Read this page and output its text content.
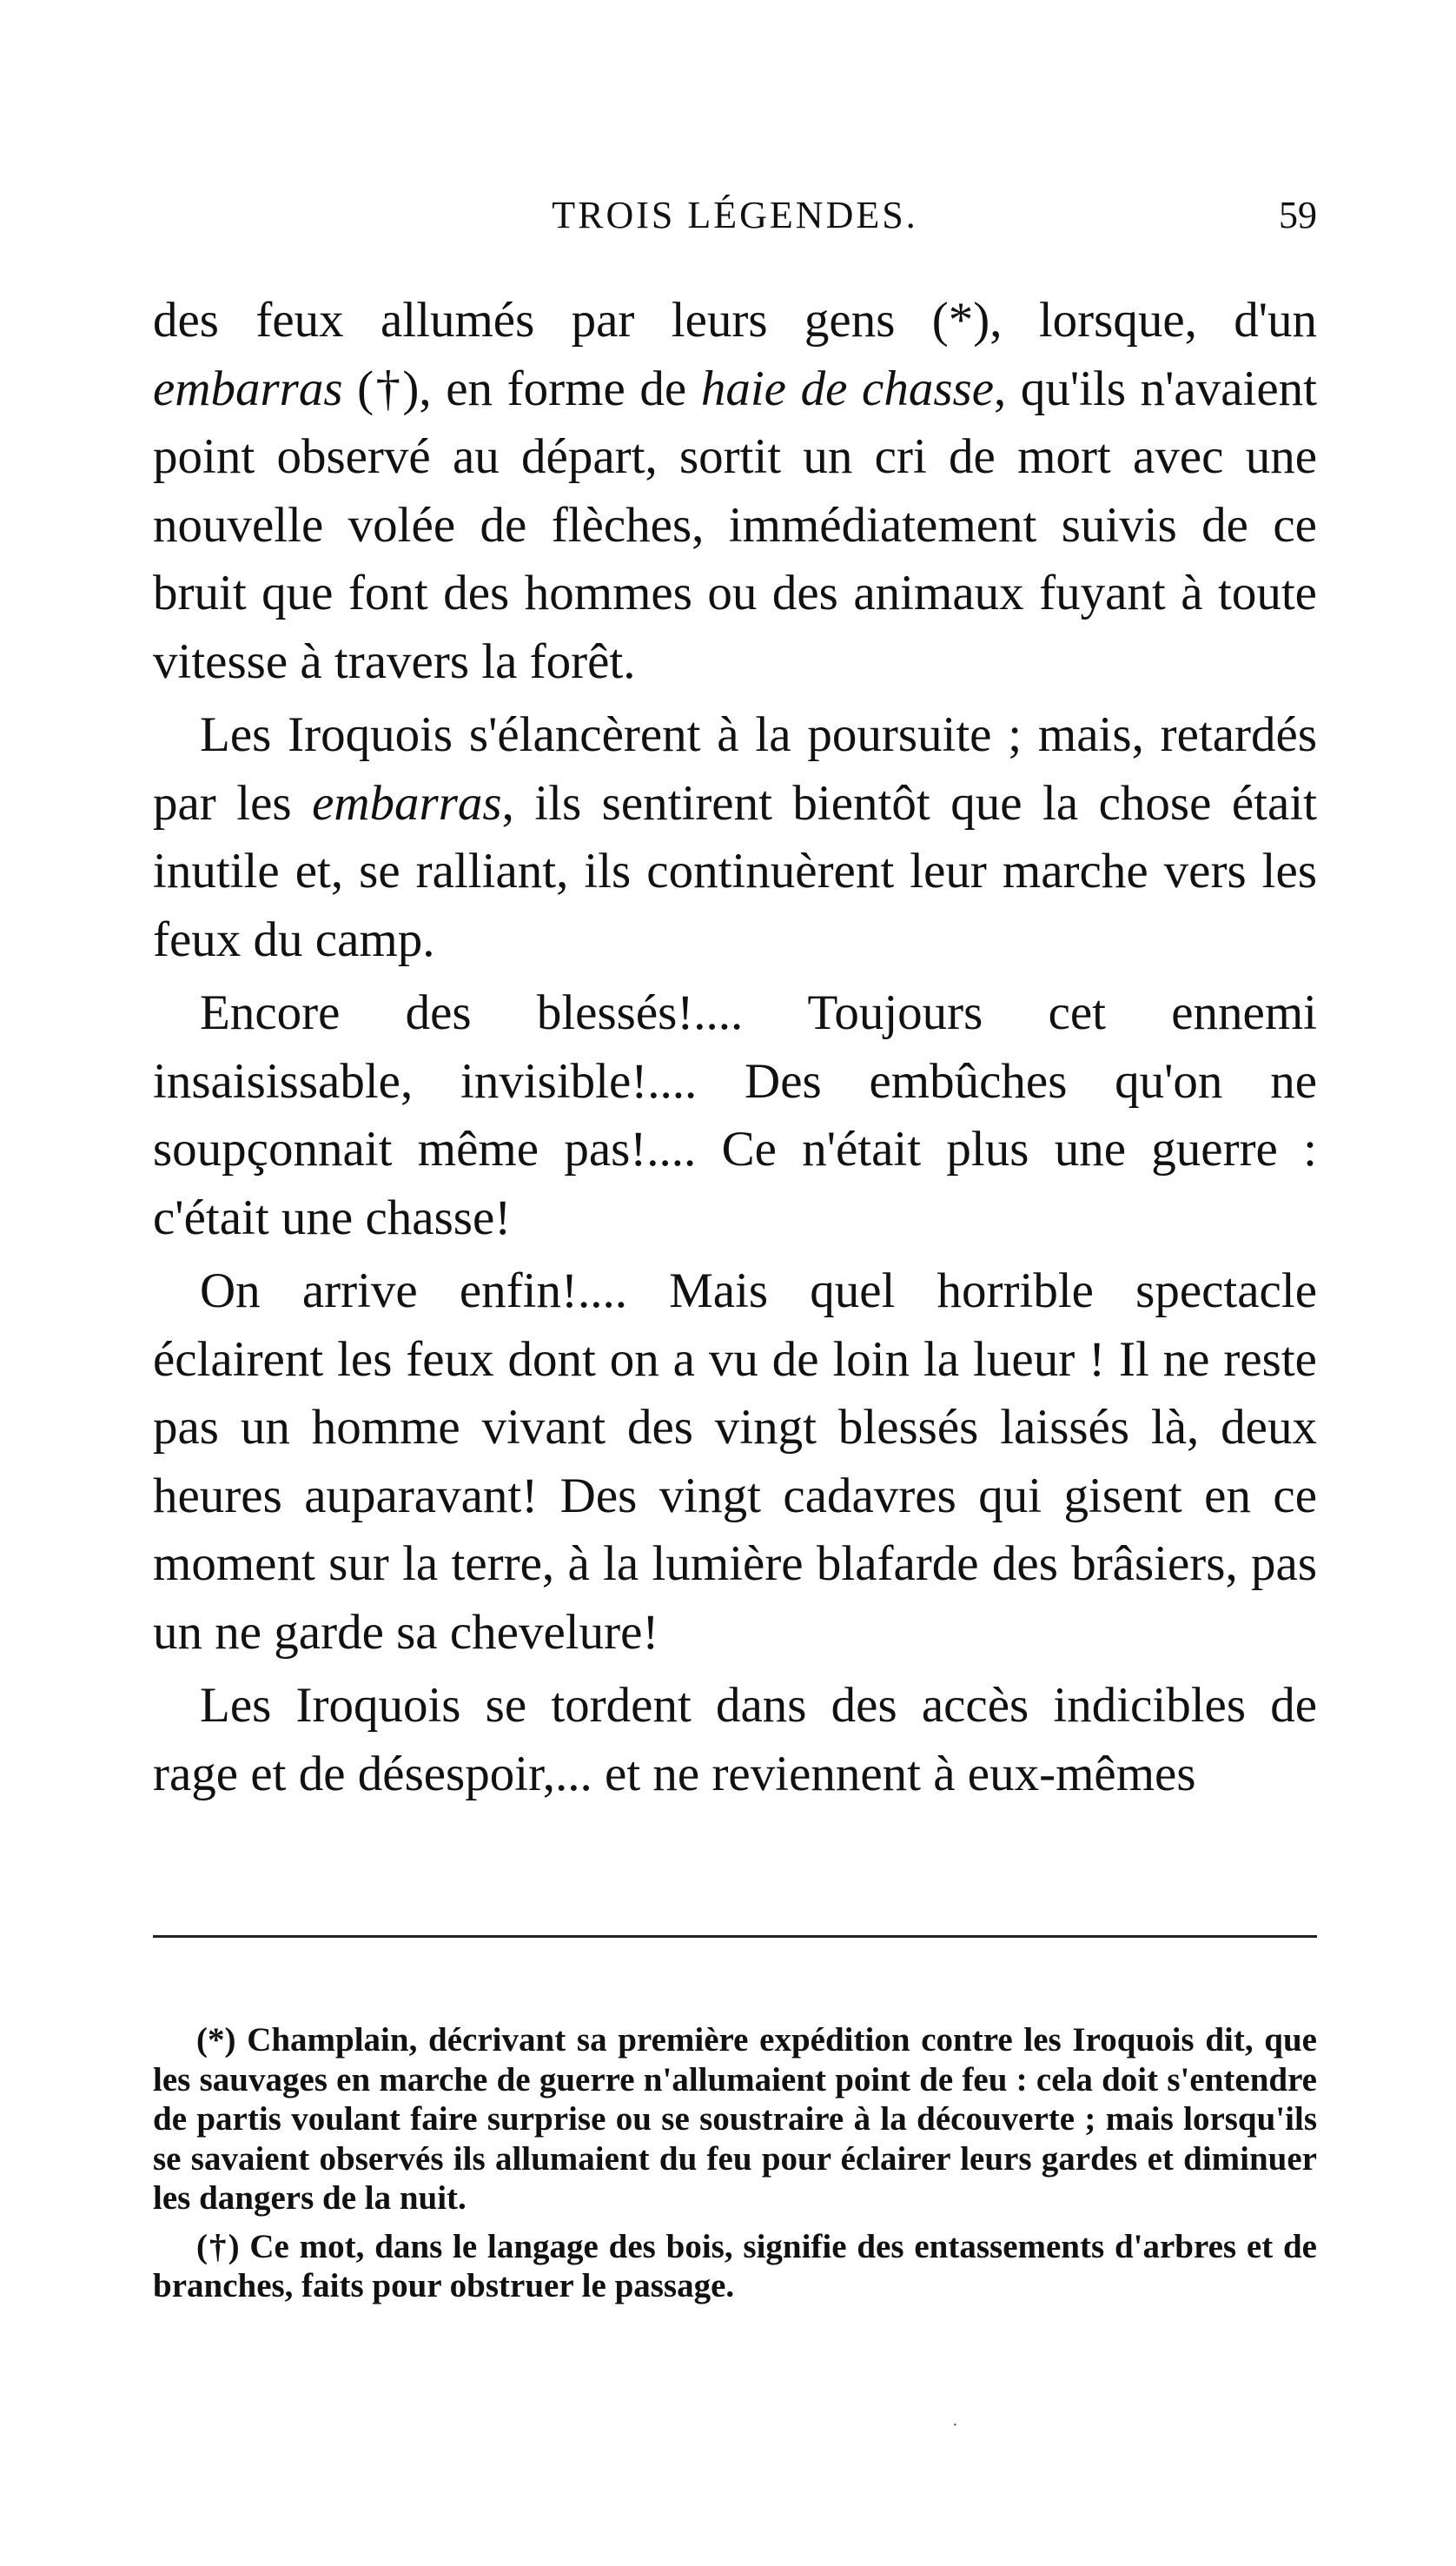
TROIS LÉGENDES.	59

des feux allumés par leurs gens (*), lorsque, d'un embarras (†), en forme de haie de chasse, qu'ils n'avaient point observé au départ, sortit un cri de mort avec une nouvelle volée de flèches, immédiatement suivis de ce bruit que font des hommes ou des animaux fuyant à toute vitesse à travers la forêt.

Les Iroquois s'élancèrent à la poursuite ; mais, retardés par les embarras, ils sentirent bientôt que la chose était inutile et, se ralliant, ils continuèrent leur marche vers les feux du camp.

Encore des blessés!.... Toujours cet ennemi insaisissable, invisible!.... Des embûches qu'on ne soupçonnait même pas!.... Ce n'était plus une guerre : c'était une chasse!

On arrive enfin!.... Mais quel horrible spectacle éclairent les feux dont on a vu de loin la lueur ! Il ne reste pas un homme vivant des vingt blessés laissés là, deux heures auparavant! Des vingt cadavres qui gisent en ce moment sur la terre, à la lumière blafarde des brâsiers, pas un ne garde sa chevelure!

Les Iroquois se tordent dans des accès indicibles de rage et de désespoir,... et ne reviennent à eux-mêmes

(*) Champlain, décrivant sa première expédition contre les Iroquois dit, que les sauvages en marche de guerre n'allumaient point de feu : cela doit s'entendre de partis voulant faire surprise ou se soustraire à la découverte ; mais lorsqu'ils se savaient observés ils allumaient du feu pour éclairer leurs gardes et diminuer les dangers de la nuit.

(†) Ce mot, dans le langage des bois, signifie des entassements d'arbres et de branches, faits pour obstruer le passage.

·
